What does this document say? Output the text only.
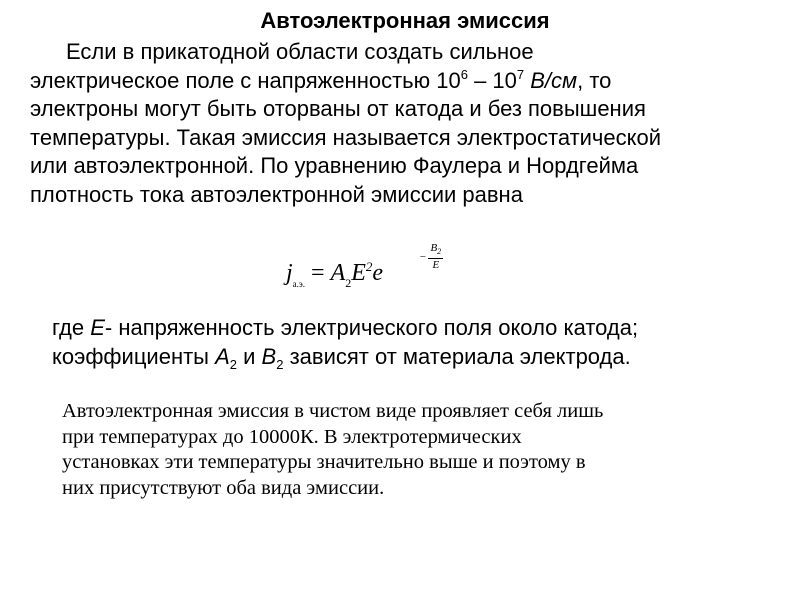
Автоэлектронная эмиссия
Если в прикатодной области создать сильное
электрическое поле с напряженностью $10^6 - 10^7$ В/см, то
электроны могут быть оторваны от катода и без повышения
температуры. Такая эмиссия называется электростатической
или автоэлектронной. По уравнению Фаулера и Нордгейма
плотность тока автоэлектронной эмиссии равна
$j_{а.э.} = A_2E^2e$
− $\frac{B_2}{E}$
где E- напряженность электрического поля около катода;
коэффициенты $A_2$ и $B_2$ зависят от материала электрода.
Автоэлектронная эмиссия в чистом виде проявляет себя лишь
при температурах до 10000К. В электротермических
установках эти температуры значительно выше и поэтому в
них присутствуют оба вида эмиссии.
